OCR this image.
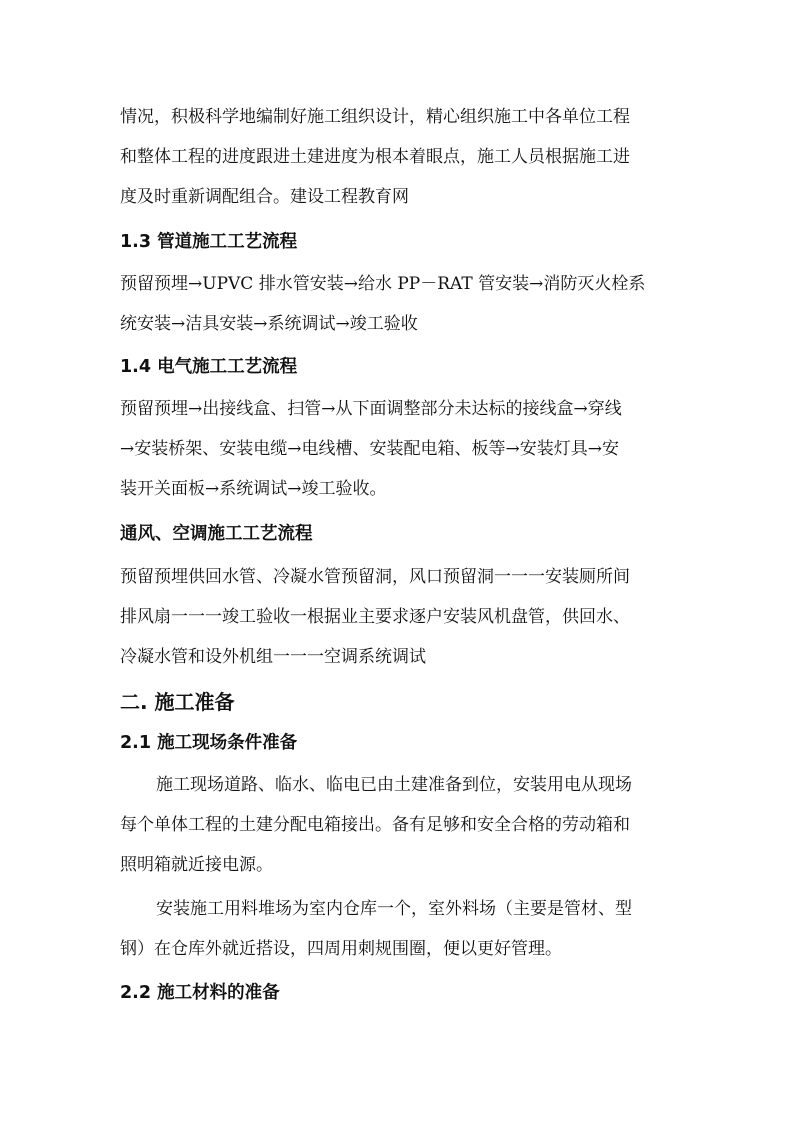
情况，积极科学地编制好施工组织设计，精心组织施工中各单位工程
和整体工程的进度跟进土建进度为根本着眼点，施工人员根据施工进
度及时重新调配组合。建设工程教育网
1.3 管道施工工艺流程
预留预埋→UPVC 排水管安装→给水 PP－RAT 管安装→消防灭火栓系
统安装→洁具安装→系统调试→竣工验收
1.4 电气施工工艺流程
预留预埋→出接线盒、扫管→从下面调整部分未达标的接线盒→穿线
→安装桥架、安装电缆→电线槽、安装配电箱、板等→安装灯具→安
装开关面板→系统调试→竣工验收。
通风、空调施工工艺流程
预留预埋供回水管、冷凝水管预留洞，风口预留洞一一一安装厕所间
排风扇一一一竣工验收一根据业主要求逐户安装风机盘管，供回水、
冷凝水管和设外机组一一一空调系统调试
二. 施工准备
2.1 施工现场条件准备
施工现场道路、临水、临电已由土建准备到位，安装用电从现场
每个单体工程的土建分配电箱接出。备有足够和安全合格的劳动箱和
照明箱就近接电源。
安装施工用料堆场为室内仓库一个，室外料场（主要是管材、型
钢）在仓库外就近搭设，四周用刺规围圈，便以更好管理。
2.2 施工材料的准备
